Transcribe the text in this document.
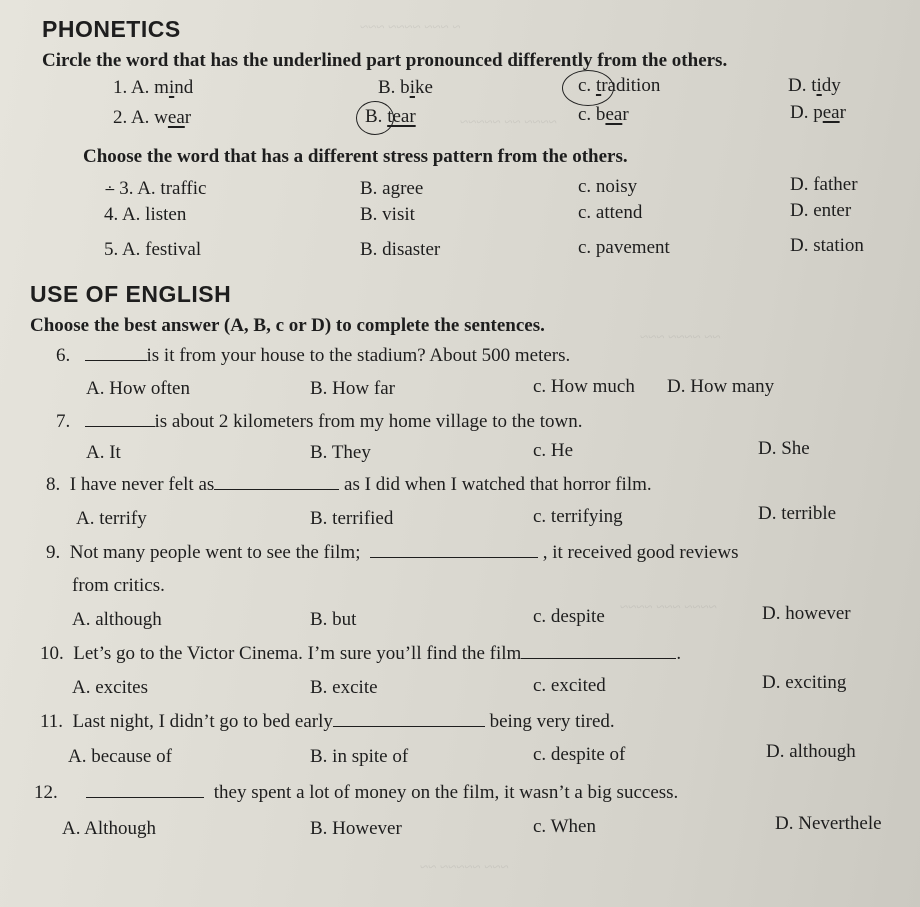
~ ~~~ ~~~~ ~~~
~~~~ ~~ ~~~~~
~~ ~~~~ ~~~
~~~~ ~~~ ~~~~
~~~ ~~~~~ ~~
PHONETICS
Circle the word that has the underlined part pronounced differently from the others.
1. A. mind	B. bike	c. tradition	D. tidy
2. A. wear	B. tear	c. bear	D. pear
Choose the word that has a different stress pattern from the others.
∸ 3. A. traffic	B. agree	c. noisy	D. father
4. A. listen	B. visit	c. attend	D. enter
5. A. festival	B. disaster	c. pavement	D. station
USE OF ENGLISH
Choose the best answer (A, B, c or D) to complete the sentences.
6.	is it from your house to the stadium? About 500 meters.
A. How often	B. How far	c. How much D. How many
7.	is about 2 kilometers from my home village to the town.
A. It	B. They	c. He	D. She
8. I have never felt as	as I did when I watched that horror film.
A. terrify	B. terrified	c. terrifying	D. terrible
9. Not many people went to see the film;	, it received good reviews
from critics.
A. although	B. but	c. despite	D. however
10. Let’s go to the Victor Cinema. I’m sure you’ll find the film	.
A. excites	B. excite	c. excited	D. exciting
11. Last night, I didn’t go to bed early	being very tired.
A. because of	B. in spite of	c. despite of	D. although
12.	they spent a lot of money on the film, it wasn’t a big success.
A. Although	B. However	c. When	D. Neverthele
